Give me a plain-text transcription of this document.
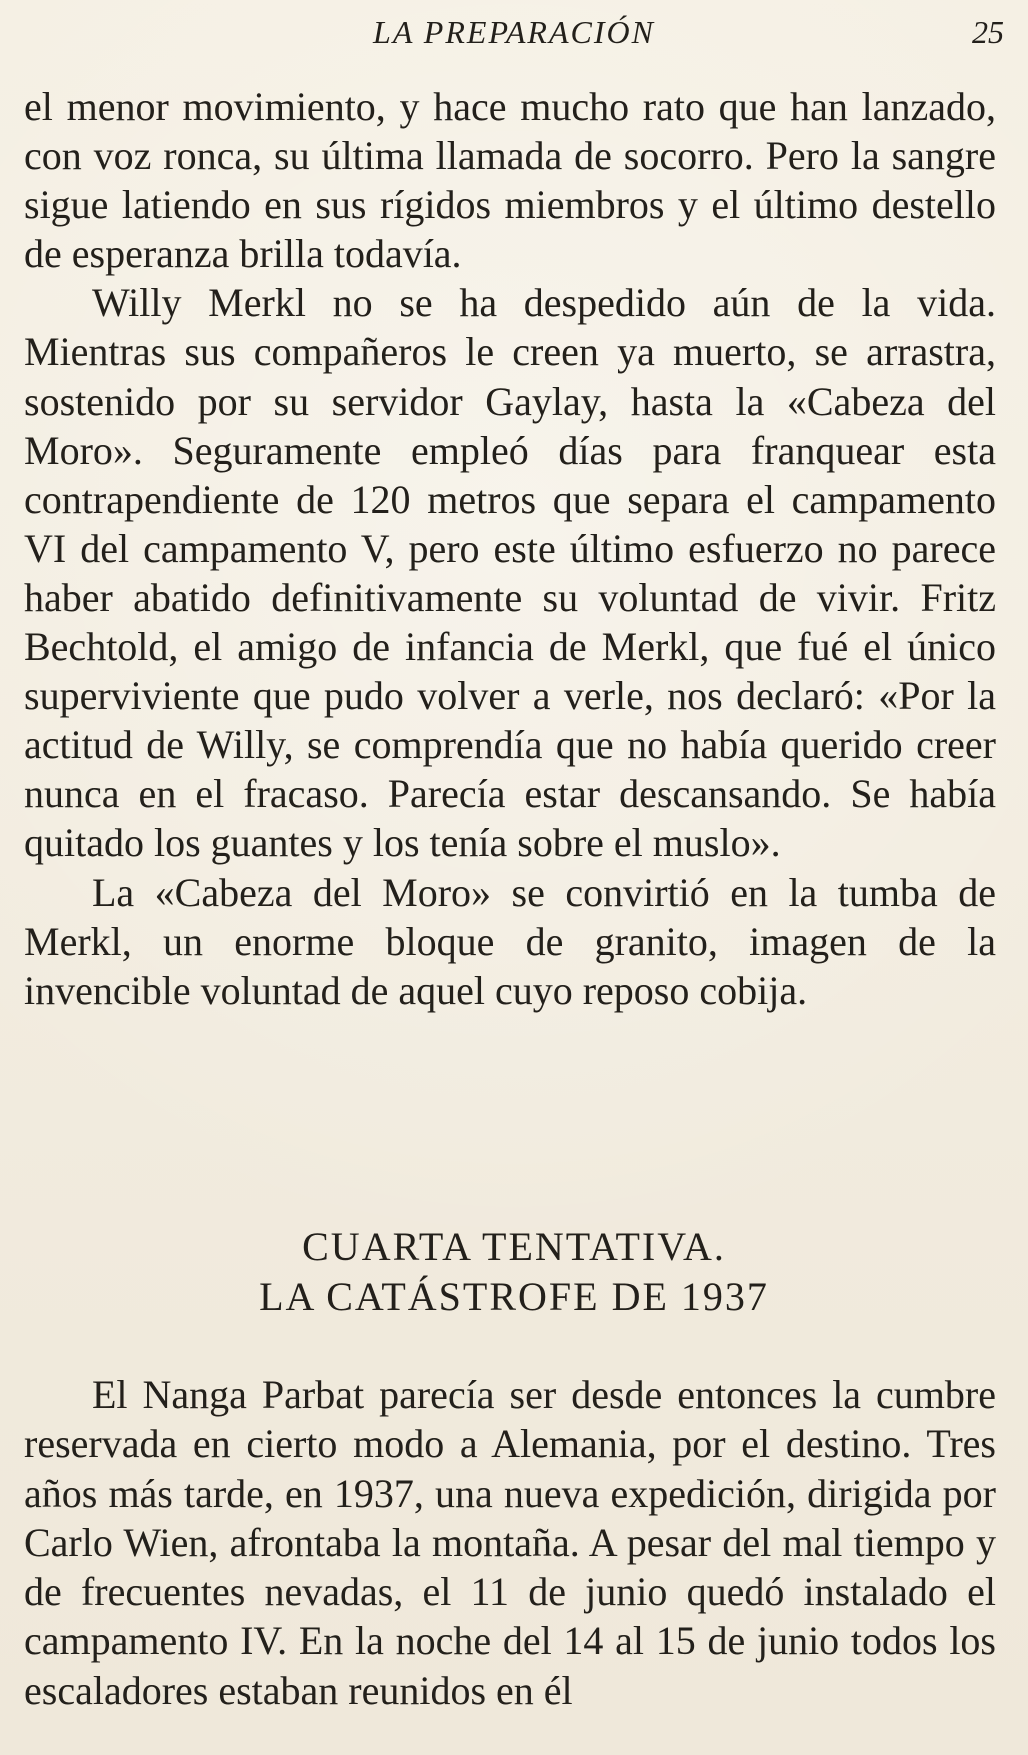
LA PREPARACIÓN	25

el menor movimiento, y hace mucho rato que han lanzado, con voz ronca, su última llamada de socorro. Pero la sangre sigue latiendo en sus rígidos miembros y el último destello de esperanza brilla todavía.

Willy Merkl no se ha despedido aún de la vida. Mientras sus compañeros le creen ya muerto, se arrastra, sostenido por su servidor Gaylay, hasta la «Cabeza del Moro». Seguramente empleó días para franquear esta contrapendiente de 120 metros que separa el campamento VI del campamento V, pero este último esfuerzo no parece haber abatido definitivamente su voluntad de vivir. Fritz Bechtold, el amigo de infancia de Merkl, que fué el único superviviente que pudo volver a verle, nos declaró: «Por la actitud de Willy, se comprendía que no había querido creer nunca en el fracaso. Parecía estar descansando. Se había quitado los guantes y los tenía sobre el muslo».

La «Cabeza del Moro» se convirtió en la tumba de Merkl, un enorme bloque de granito, imagen de la invencible voluntad de aquel cuyo reposo cobija.

CUARTA TENTATIVA.
LA CATÁSTROFE DE 1937

El Nanga Parbat parecía ser desde entonces la cumbre reservada en cierto modo a Alemania, por el destino. Tres años más tarde, en 1937, una nueva expedición, dirigida por Carlo Wien, afrontaba la montaña. A pesar del mal tiempo y de frecuentes nevadas, el 11 de junio quedó instalado el campamento IV. En la noche del 14 al 15 de junio todos los escaladores estaban reunidos en él
